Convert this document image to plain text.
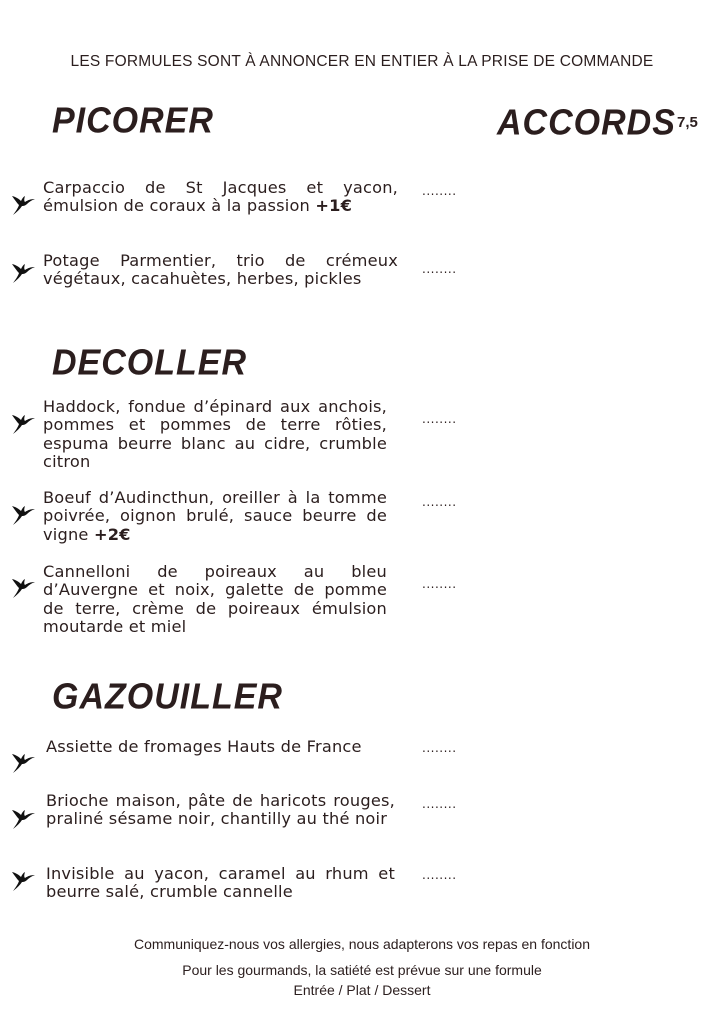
LES FORMULES SONT À ANNONCER EN ENTIER À LA PRISE DE COMMANDE
PICORER	ACCORDS 7,5
Carpaccio de St Jacques et yacon, émulsion de coraux à la passion +1€
........
Potage Parmentier, trio de crémeux végétaux, cacahuètes, herbes, pickles
........
DECOLLER
Haddock, fondue d’épinard aux anchois, pommes et pommes de terre rôties, espuma beurre blanc au cidre, crumble citron
........
Boeuf d’Audincthun, oreiller à la tomme poivrée, oignon brulé, sauce beurre de vigne +2€
........
Cannelloni de poireaux au bleu d’Auvergne et noix, galette de pomme de terre, crème de poireaux émulsion moutarde et miel
........
GAZOUILLER
Assiette de fromages Hauts de France	........
Brioche maison, pâte de haricots rouges, praliné sésame noir, chantilly au thé noir
........
Invisible au yacon, caramel au rhum et beurre salé, crumble cannelle
........
Communiquez-nous vos allergies, nous adapterons vos repas en fonction
Pour les gourmands, la satiété est prévue sur une formule
Entrée / Plat / Dessert
